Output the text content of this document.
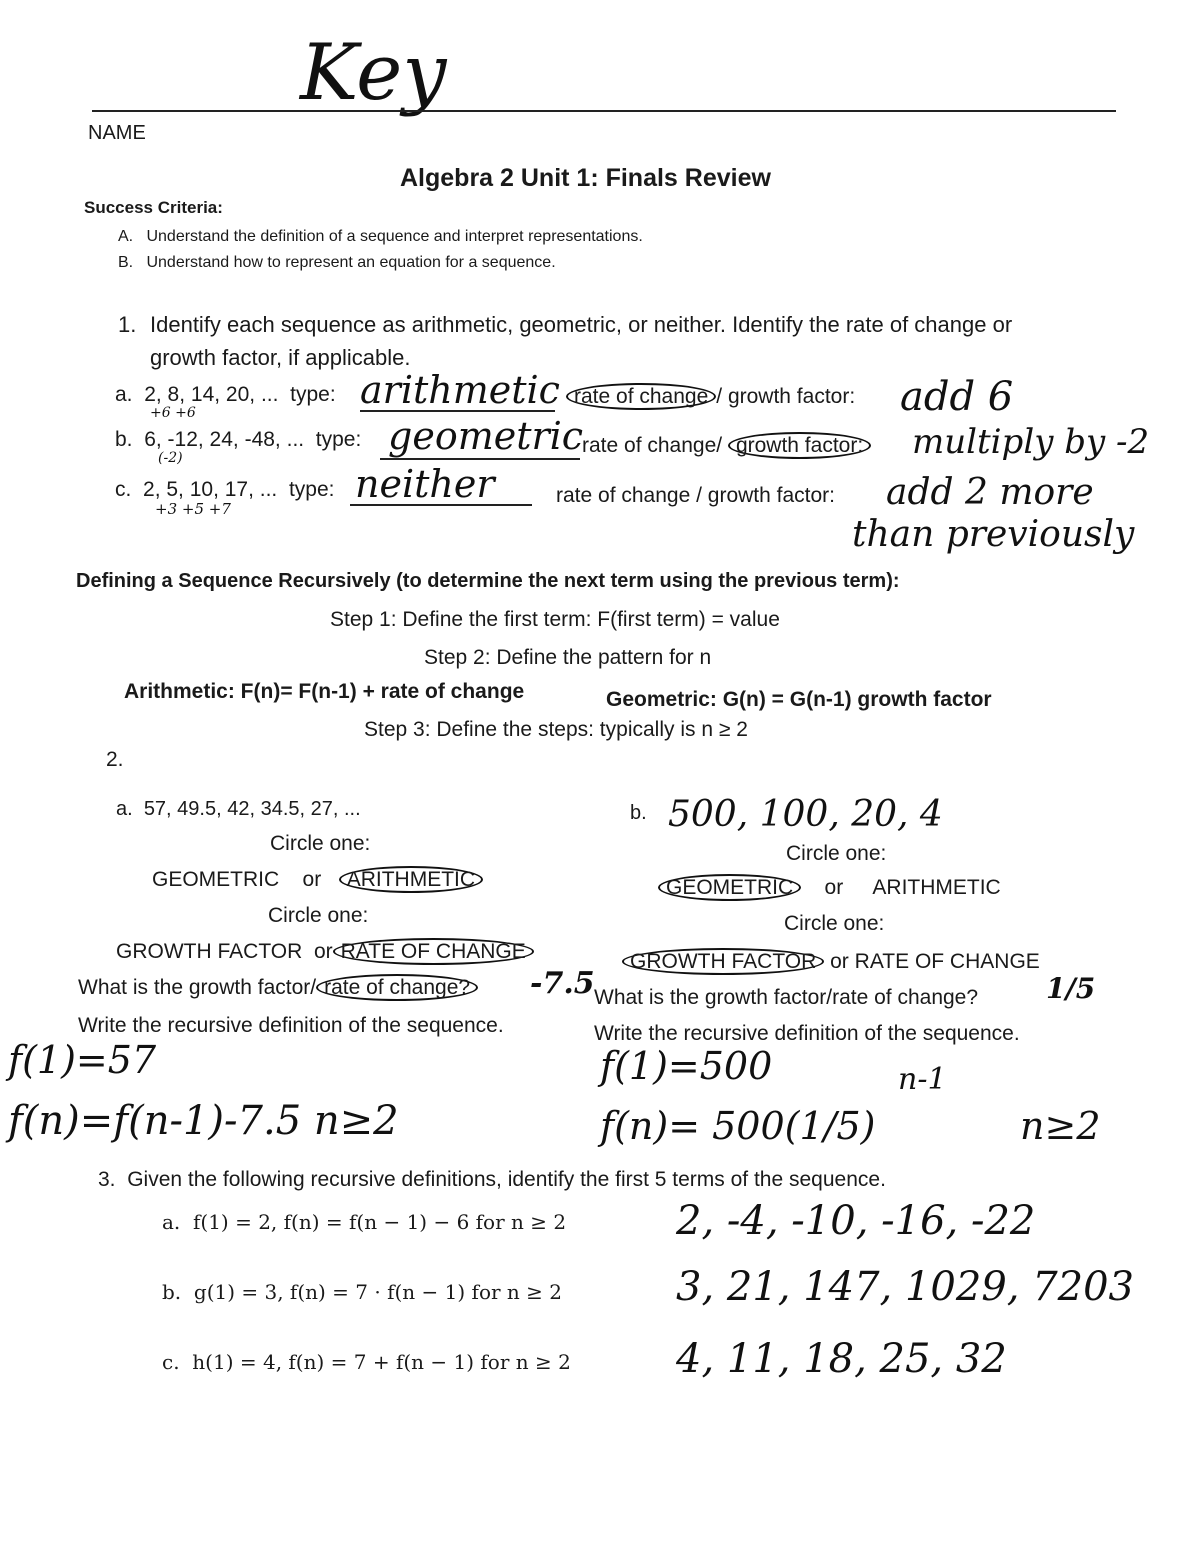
Key
NAME
Algebra 2 Unit 1: Finals Review
Success Criteria:
A. Understand the definition of a sequence and interpret representations.
B. Understand how to represent an equation for a sequence.
1. Identify each sequence as arithmetic, geometric, or neither. Identify the rate of change or
growth factor, if applicable.
a. 2, 8, 14, 20, ... type:
+6 +6
arithmetic rate of change / growth factor: add 6
b. 6, -12, 24, -48, ... type:
(-2)	geometric
rate of change/ growth factor: multiply by -2
c. 2, 5, 10, 17, ... type:
+3 +5 +7
neither	rate of change / growth factor: add 2 more
than previously
Defining a Sequence Recursively (to determine the next term using the previous term):
Step 1: Define the first term: F(first term) = value
Step 2: Define the pattern for n
Arithmetic: F(n)= F(n-1) + rate of change	Geometric: G(n) = G(n-1) growth factor
Step 3: Define the steps: typically is n ≥ 2
2.
a. 57, 49.5, 42, 34.5, 27, ...
Circle one:
GEOMETRIC or ARITHMETIC
Circle one:
GROWTH FACTOR or RATE OF CHANGE
What is the growth factor/ rate of change? -7.5
Write the recursive definition of the sequence.
f(1)=57
f(n)=f(n-1)-7.5 n≥2
b. 500, 100, 20, 4
Circle one:
GEOMETRIC or ARITHMETIC
Circle one:
GROWTH FACTOR or RATE OF CHANGE
What is the growth factor/rate of change? 1/5
Write the recursive definition of the sequence.
f(1)=500
f(n)= 500(1/5)
n-1
n≥2
3. Given the following recursive definitions, identify the first 5 terms of the sequence.
a. f(1) = 2, f(n) = f(n − 1) − 6 for n ≥ 2	2, -4, -10, -16, -22
b. g(1) = 3, f(n) = 7 · f(n − 1) for n ≥ 2	3, 21, 147, 1029, 7203
c. h(1) = 4, f(n) = 7 + f(n − 1) for n ≥ 2	4, 11, 18, 25, 32
